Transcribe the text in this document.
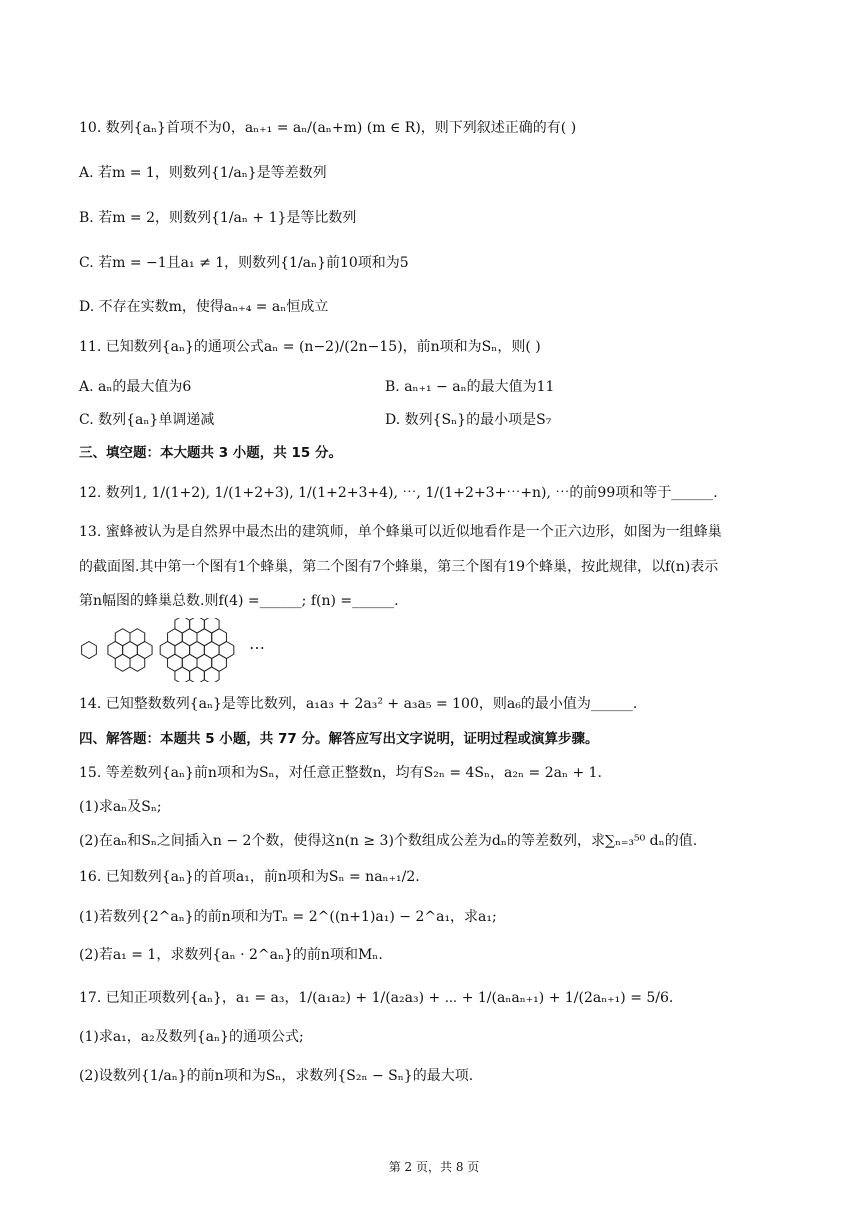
10. 数列{aₙ}首项不为0，aₙ₊₁ = aₙ/(aₙ+m) (m ∈ R)，则下列叙述正确的有( )
A. 若m = 1，则数列{1/aₙ}是等差数列
B. 若m = 2，则数列{1/aₙ + 1}是等比数列
C. 若m = −1且a₁ ≠ 1，则数列{1/aₙ}前10项和为5
D. 不存在实数m，使得aₙ₊₄ = aₙ恒成立
11. 已知数列{aₙ}的通项公式aₙ = (n−2)/(2n−15)，前n项和为Sₙ，则( )
A. aₙ的最大值为6	B. aₙ₊₁ − aₙ的最大值为11
C. 数列{aₙ}单调递减	D. 数列{Sₙ}的最小项是S₇
三、填空题：本大题共 3 小题，共 15 分。
12. 数列1, 1/(1+2), 1/(1+2+3), 1/(1+2+3+4), ⋯, 1/(1+2+3+⋯+n), ⋯的前99项和等于______.
13. 蜜蜂被认为是自然界中最杰出的建筑师，单个蜂巢可以近似地看作是一个正六边形，如图为一组蜂巢
的截面图.其中第一个图有1个蜂巢，第二个图有7个蜂巢，第三个图有19个蜂巢，按此规律，以f(n)表示
第n幅图的蜂巢总数.则f(4) =______; f(n) =______.
⋯
14. 已知整数数列{aₙ}是等比数列，a₁a₃ + 2a₃² + a₃a₅ = 100，则a₆的最小值为______.
四、解答题：本题共 5 小题，共 77 分。解答应写出文字说明，证明过程或演算步骤。
15. 等差数列{aₙ}前n项和为Sₙ，对任意正整数n，均有S₂ₙ = 4Sₙ，a₂ₙ = 2aₙ + 1.
(1)求aₙ及Sₙ;
(2)在aₙ和Sₙ之间插入n − 2个数，使得这n(n ≥ 3)个数组成公差为dₙ的等差数列，求∑ₙ₌₃⁵⁰ dₙ的值.
16. 已知数列{aₙ}的首项a₁，前n项和为Sₙ = naₙ₊₁/2.
(1)若数列{2^aₙ}的前n项和为Tₙ = 2^((n+1)a₁) − 2^a₁，求a₁;
(2)若a₁ = 1，求数列{aₙ · 2^aₙ}的前n项和Mₙ.
17. 已知正项数列{aₙ}，a₁ = a₃，1/(a₁a₂) + 1/(a₂a₃) + ⋯ + 1/(aₙaₙ₊₁) + 1/(2aₙ₊₁) = 5/6.
(1)求a₁，a₂及数列{aₙ}的通项公式;
(2)设数列{1/aₙ}的前n项和为Sₙ，求数列{S₂ₙ − Sₙ}的最大项.
第 2 页，共 8 页
